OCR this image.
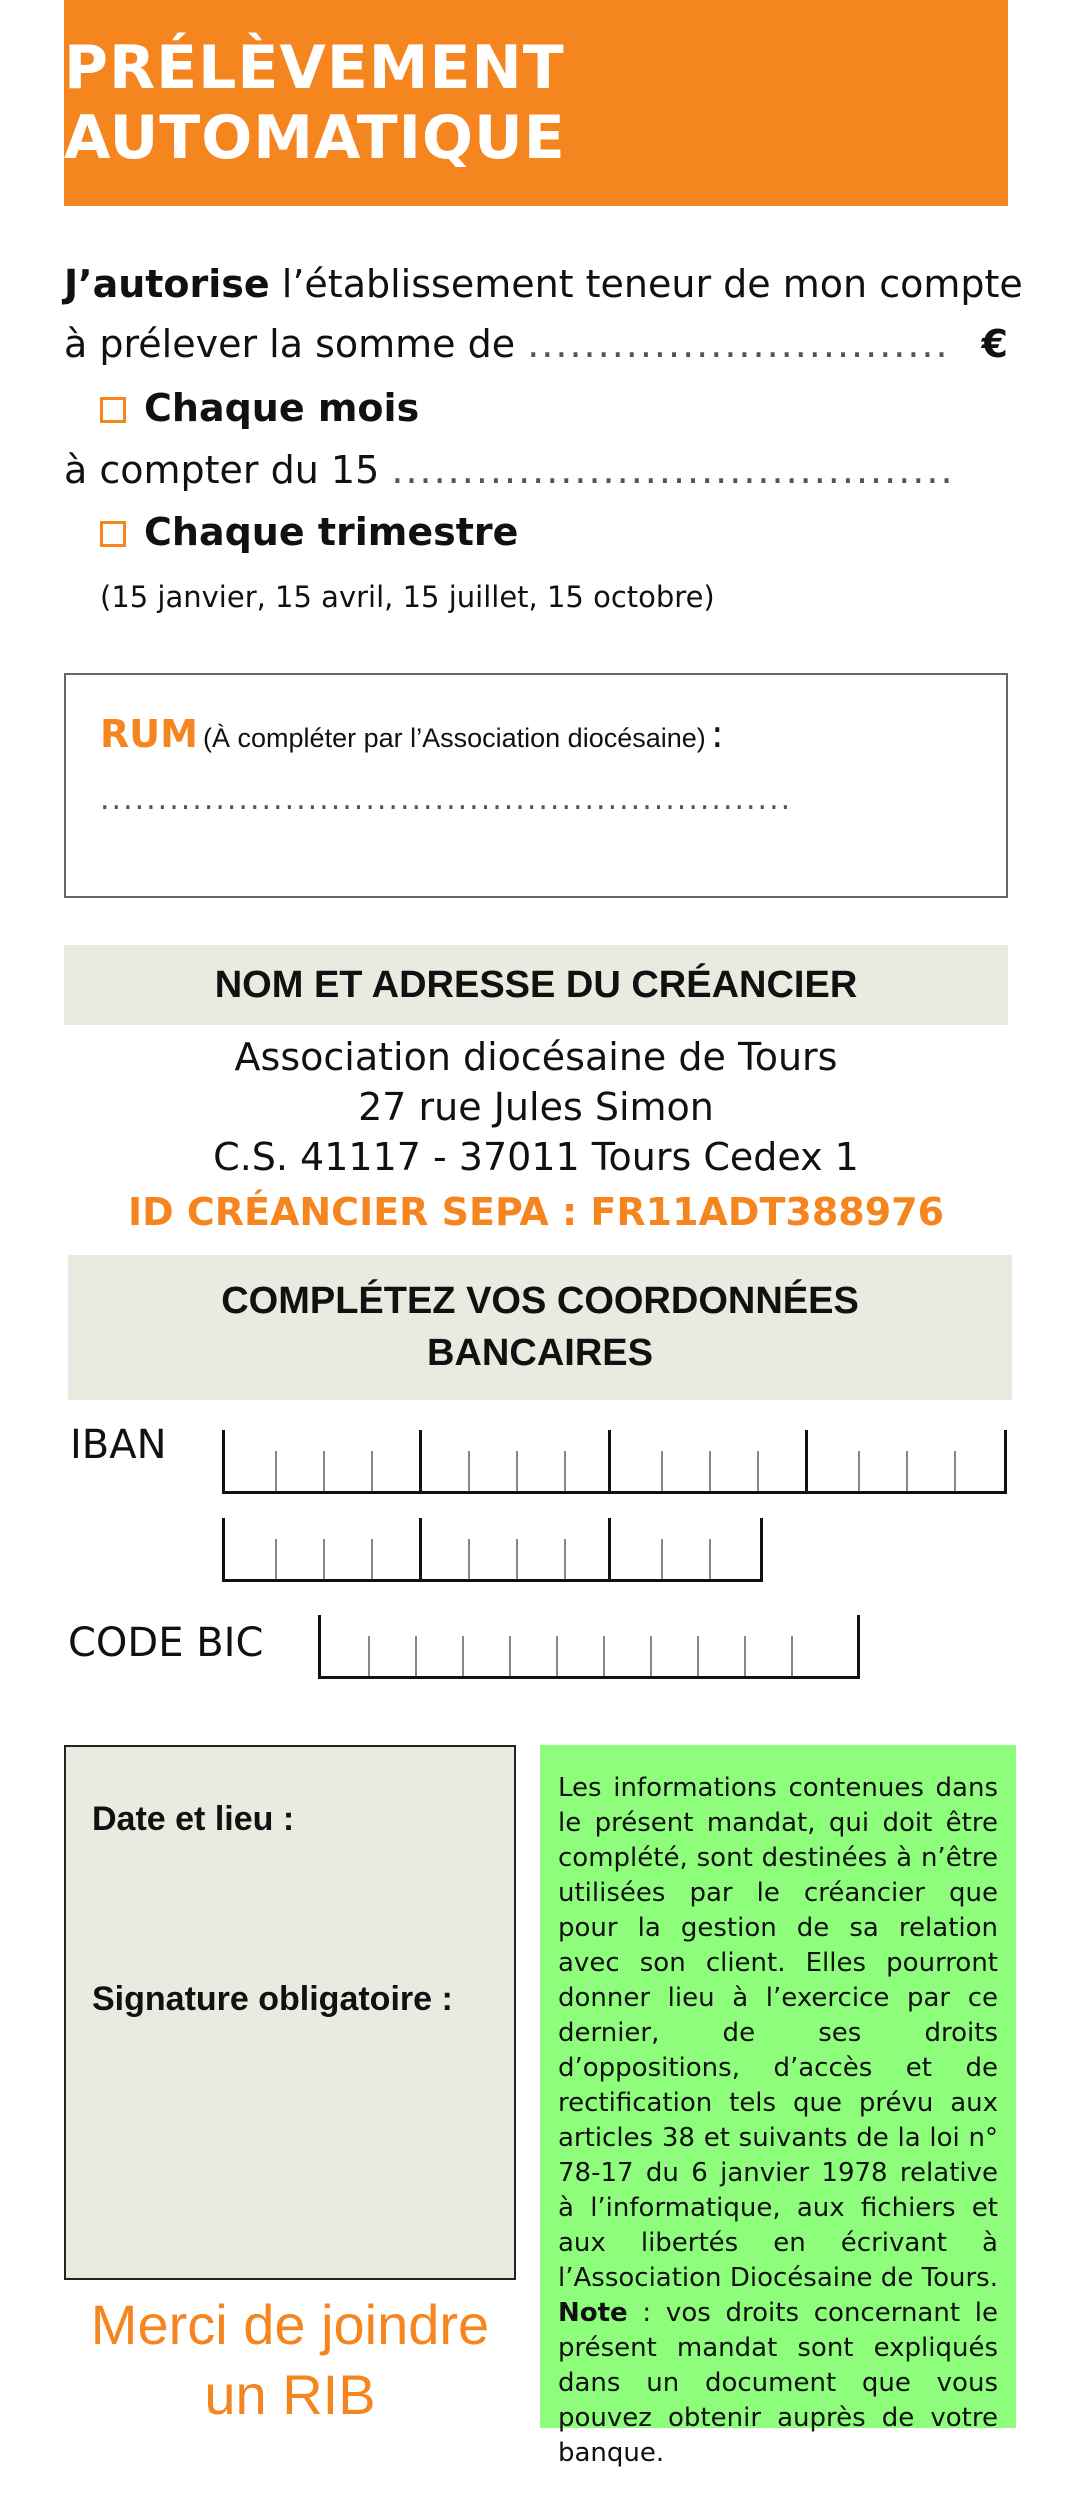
PRÉLÈVEMENT AUTOMATIQUE
J’autorise l’établissement teneur de mon compte
à prélever la somme de .............................. €
Chaque mois
à compter du 15 ........................................
Chaque trimestre
(15 janvier, 15 avril, 15 juillet, 15 octobre)
RUM (À compléter par l’Association diocésaine) :
............................................................
NOM ET ADRESSE DU CRÉANCIER
Association diocésaine de Tours
27 rue Jules Simon
C.S. 41117 - 37011 Tours Cedex 1
ID CRÉANCIER SEPA : FR11ADT388976
COMPLÉTEZ VOS COORDONNÉES
BANCAIRES
IBAN
CODE BIC
Date et lieu :
Signature obligatoire :
Merci de joindre
un RIB
Les informations contenues dans le présent mandat, qui doit être complété, sont destinées à n’être utilisées par le créancier que pour la gestion de sa relation avec son client. Elles pourront donner lieu à l’exercice par ce dernier, de ses droits d’oppositions, d’accès et de rectification tels que prévu aux articles 38 et suivants de la loi n° 78-17 du 6 janvier 1978 relative à l’informatique, aux fichiers et aux libertés en écrivant à l’Association Diocésaine de Tours. Note : vos droits concernant le présent mandat sont expliqués dans un document que vous pouvez obtenir auprès de votre banque.
